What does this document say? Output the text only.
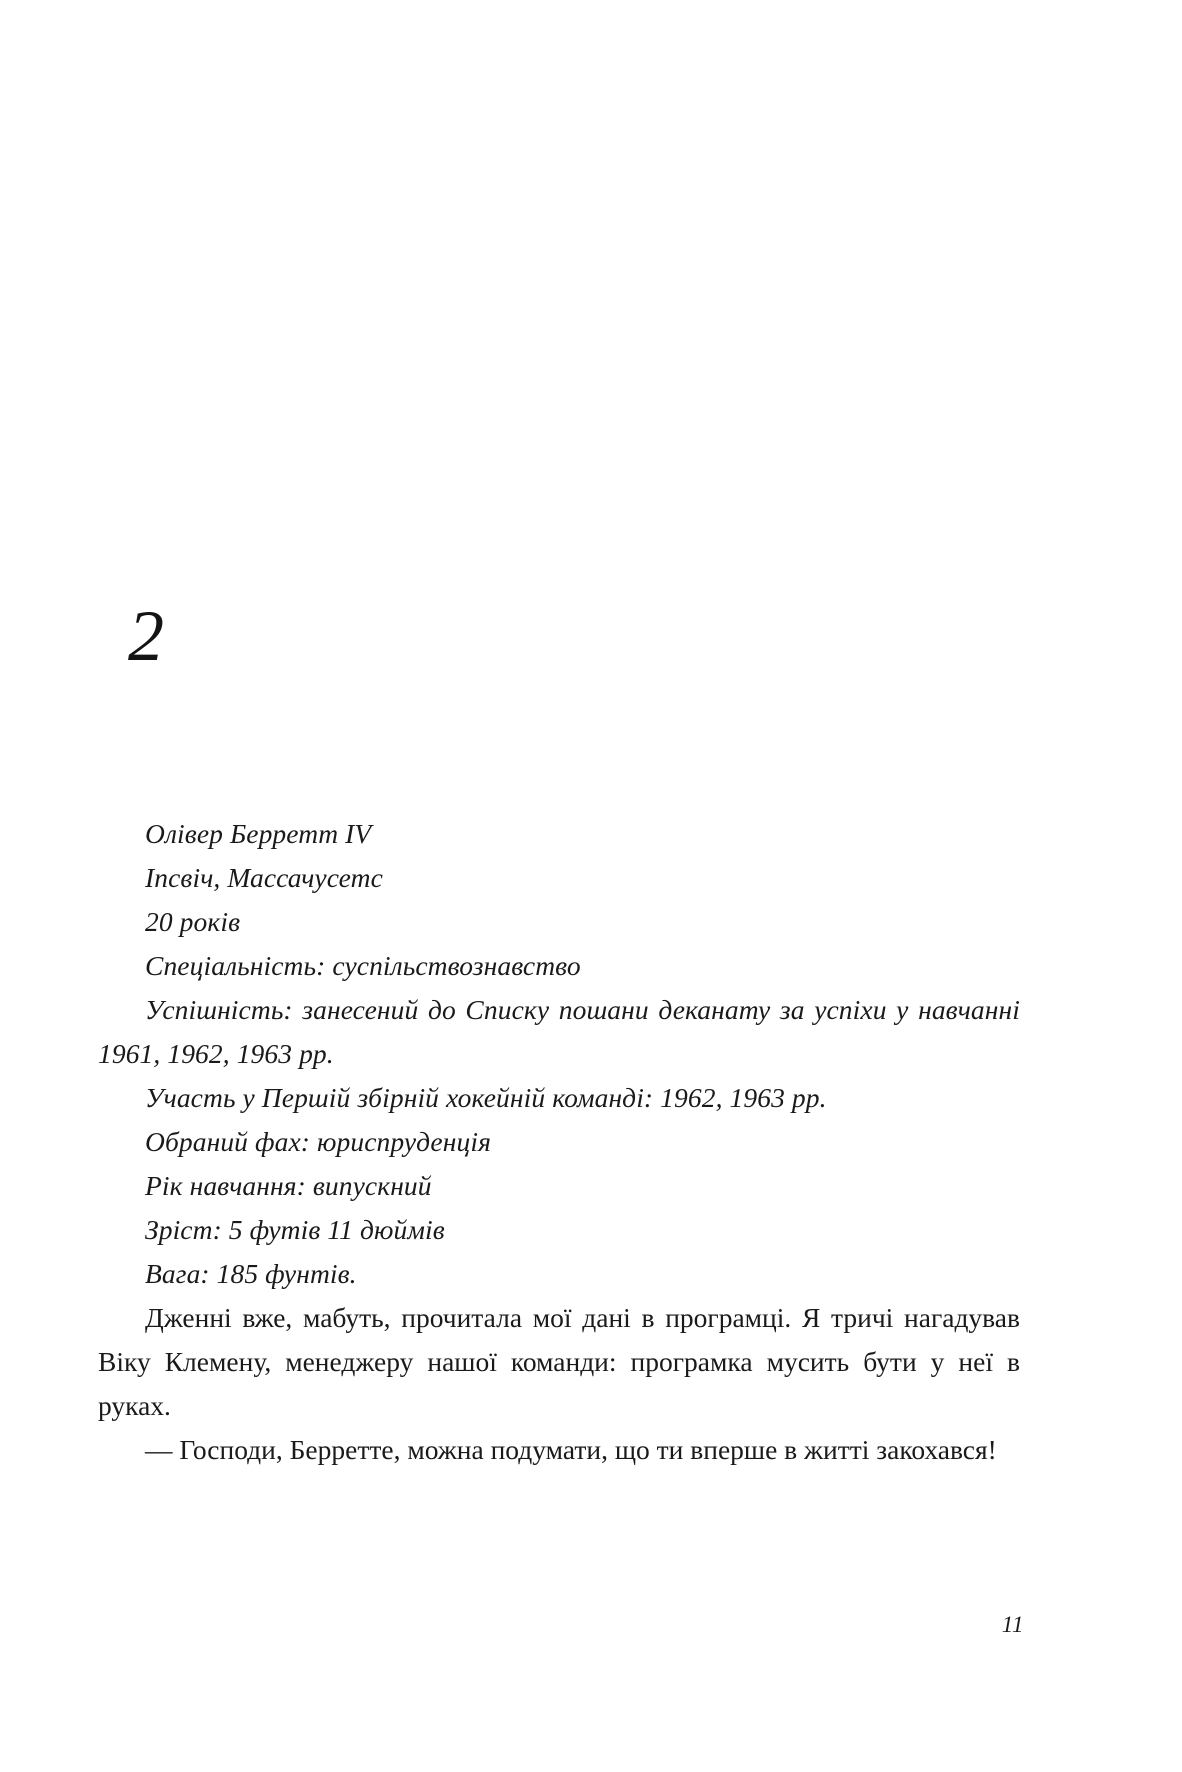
2

Олівер Берретт IV

Іпсвіч, Массачусетс

20 років

Спеціальність: суспільствознавство

Успішність: занесений до Списку пошани деканату за успіхи у навчанні 1961, 1962, 1963 рр.

Участь у Першій збірній хокейній команді: 1962, 1963 рр.

Обраний фах: юриспруденція

Рік навчання: випускний

Зріст: 5 футів 11 дюймів

Вага: 185 фунтів.

Дженні вже, мабуть, прочитала мої дані в програмці. Я тричі нагадував Віку Клемену, менеджеру нашої команди: програмка мусить бути у неї в руках.

— Господи, Берретте, можна подумати, що ти вперше в житті закохався!

11
